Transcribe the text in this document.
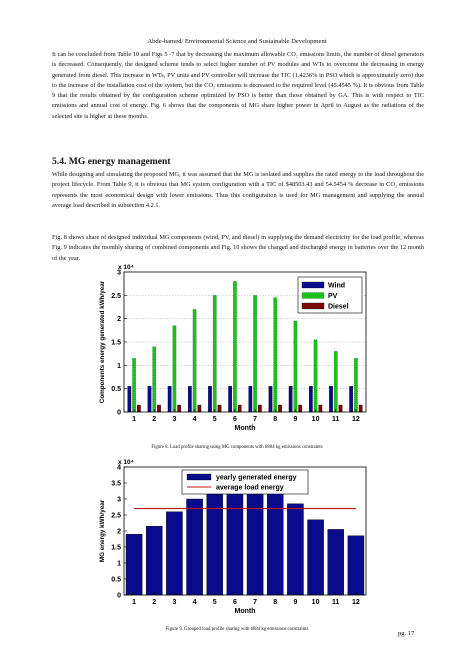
Abde-hamed/ Environmental Science and Sustainable Development
It can be concluded from Table 10 and Figs 5 -7 that by decreasing the maximum allowable CO₂ emissions limits, the number of diesel generators is decreased. Consequently, the designed scheme tends to select higher number of PV modules and WTs to overcome the decreasing in energy generated from diesel. This increase in WTs, PV units and PV controller will increase the TIC (1.4236% in PSO which is approximately zero) due to the increase of the installation cost of the system, but the CO₂ emissions is decreased to the required level (45.4545 %). It is obvious from Table 9 that the results obtained by the configuration scheme optimized by PSO is better than those obtained by GA. This is with respect to TIC emissions and annual cost of energy. Fig. 6 shows that the components of MG share higher power in April to August as the radiations of the selected site is higher at these months.
5.4. MG energy management
While designing and simulating the proposed MG, it was assumed that the MG is isolated and supplies the rated energy to the load throughout the project lifecycle. From Table 9, it is obvious that MG system configuration with a TIC of $48503.43 and 54.5454 % decrease in CO₂ emissions represents the most economical design with lower emissions. Thus this configuration is used for MG management and supplying the annual average load described in subsection 4.2.1.
Fig. 8 shows share of designed individual MG components (wind, PV, and diesel) in supplying the demand electricity for the load profile, whereas Fig. 9 indicates the monthly sharing of combined components and Fig. 10 shows the charged and discharged energy in batteries over the 12 month of the year.
0
0.5
1
1.5
2
2.5
3
x 10⁴
1 2 3 4 5 6 7 8 9 10 11 12
Month
Components energy generated kWh/year	Wind
PV
Diesel
Figure 8. Load profile sharing using MG components with 6884 kg emissions constraints
0
0.5
1
1.5
2
2.5
3
3.5
4
x 10⁴
1 2 3 4 5 6 7 8 9 10 11 12
Month
MG energy kWh/year
yearly generated energy
average load energy
Figure 9. Grouped load profile sharing with 6884 kg emissions constraints
pg. 17
